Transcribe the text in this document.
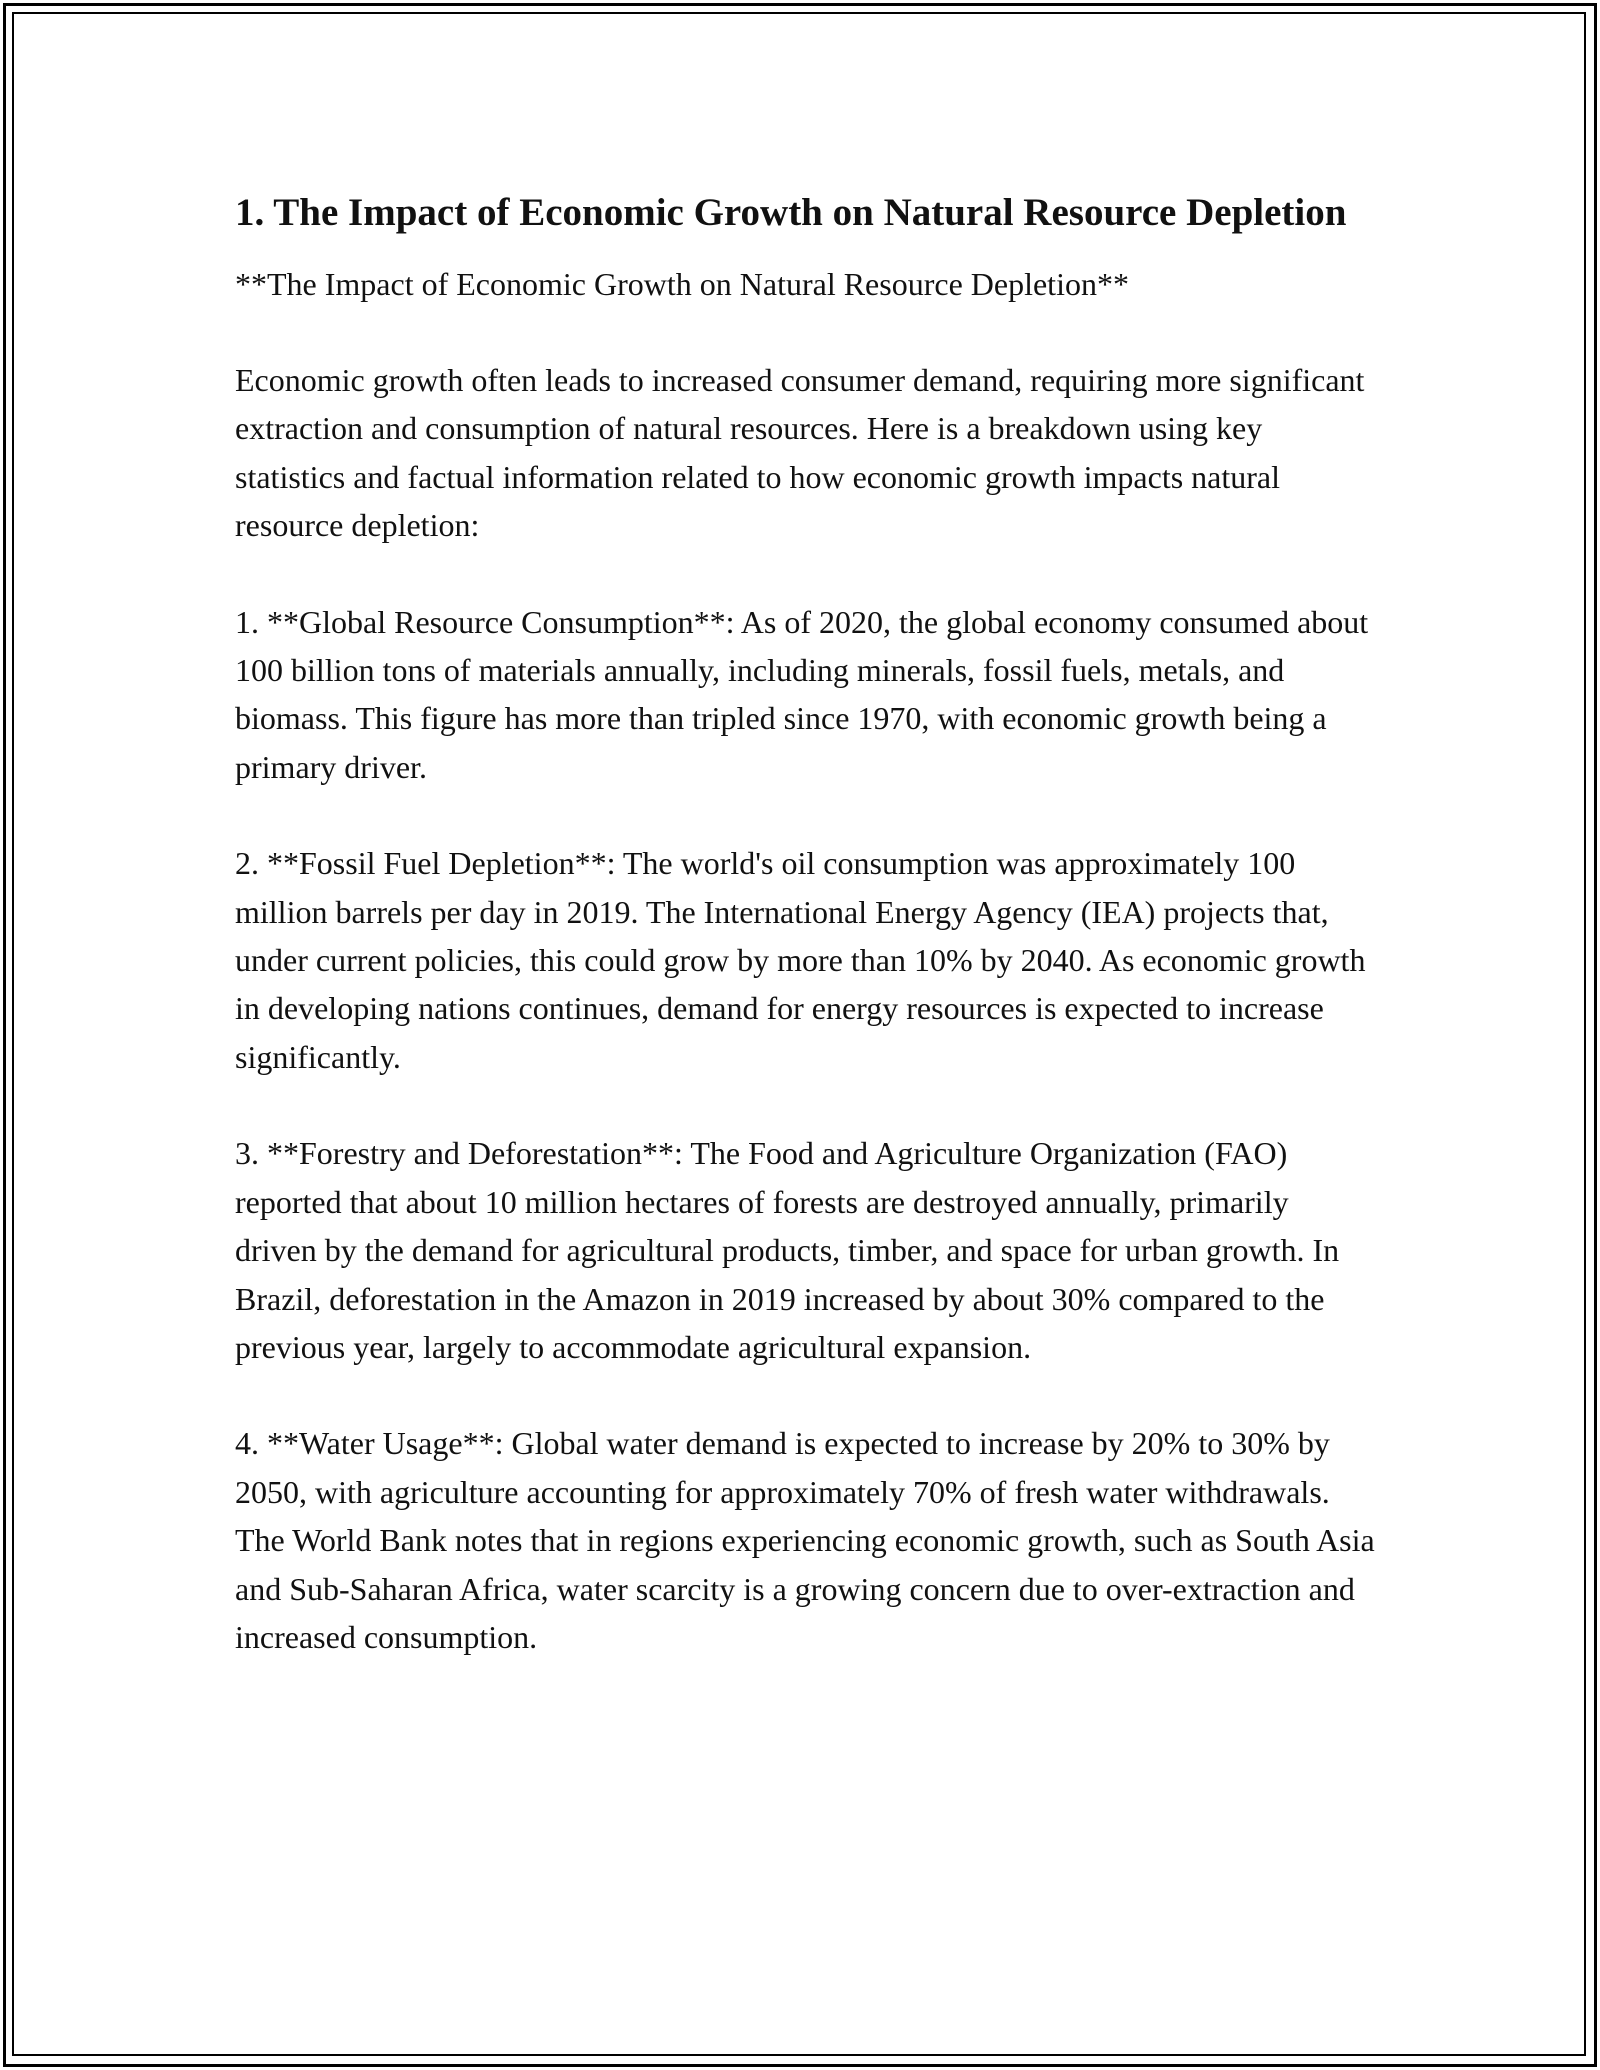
1. The Impact of Economic Growth on Natural Resource Depletion

**The Impact of Economic Growth on Natural Resource Depletion**

Economic growth often leads to increased consumer demand, requiring more significant extraction and consumption of natural resources. Here is a breakdown using key statistics and factual information related to how economic growth impacts natural resource depletion:

1. **Global Resource Consumption**: As of 2020, the global economy consumed about 100 billion tons of materials annually, including minerals, fossil fuels, metals, and biomass. This figure has more than tripled since 1970, with economic growth being a primary driver.

2. **Fossil Fuel Depletion**: The world's oil consumption was approximately 100 million barrels per day in 2019. The International Energy Agency (IEA) projects that, under current policies, this could grow by more than 10% by 2040. As economic growth in developing nations continues, demand for energy resources is expected to increase significantly.

3. **Forestry and Deforestation**: The Food and Agriculture Organization (FAO) reported that about 10 million hectares of forests are destroyed annually, primarily driven by the demand for agricultural products, timber, and space for urban growth. In Brazil, deforestation in the Amazon in 2019 increased by about 30% compared to the previous year, largely to accommodate agricultural expansion.

4. **Water Usage**: Global water demand is expected to increase by 20% to 30% by 2050, with agriculture accounting for approximately 70% of fresh water withdrawals. The World Bank notes that in regions experiencing economic growth, such as South Asia and Sub-Saharan Africa, water scarcity is a growing concern due to over-extraction and increased consumption.
